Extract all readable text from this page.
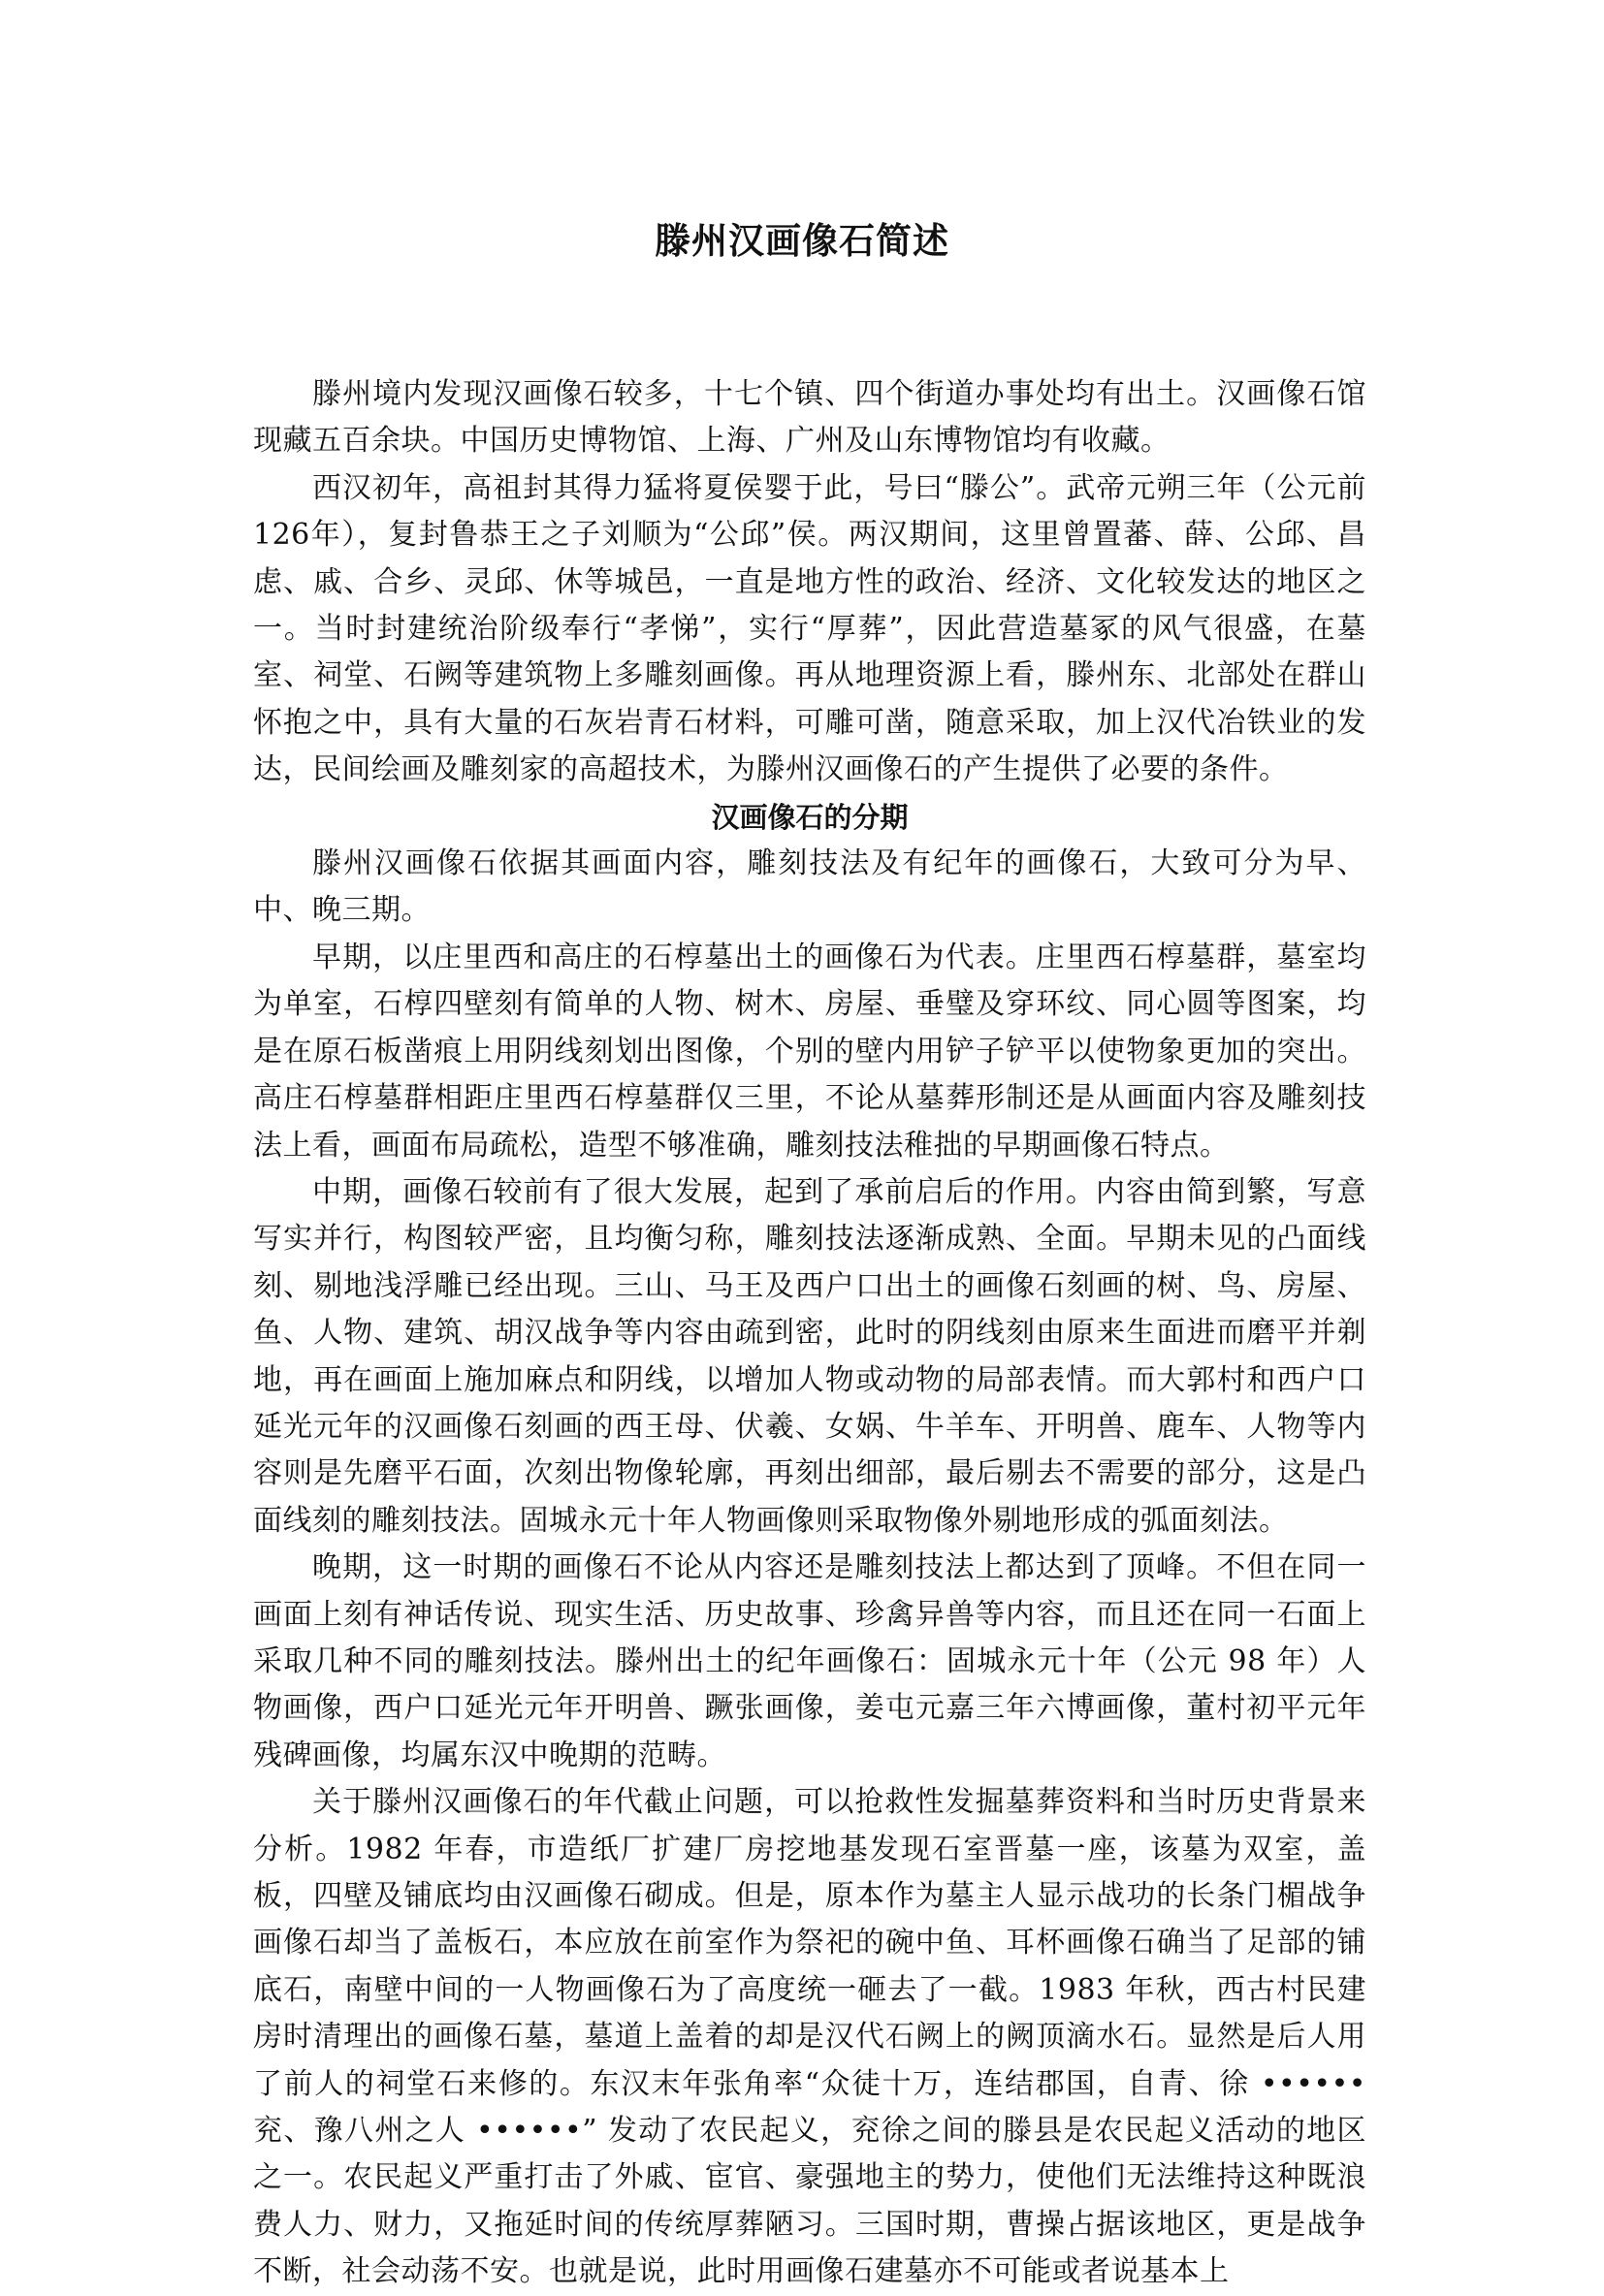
滕州汉画像石简述

滕州境内发现汉画像石较多，十七个镇、四个街道办事处均有出土。汉画像石馆现藏五百余块。中国历史博物馆、上海、广州及山东博物馆均有收藏。

西汉初年，高祖封其得力猛将夏侯婴于此，号曰“滕公”。武帝元朔三年（公元前 126年），复封鲁恭王之子刘顺为“公邱”侯。两汉期间，这里曾置蕃、薛、公邱、昌虑、戚、合乡、灵邱、休等城邑，一直是地方性的政治、经济、文化较发达的地区之一。当时封建统治阶级奉行“孝悌”，实行“厚葬”，因此营造墓冢的风气很盛，在墓室、祠堂、石阙等建筑物上多雕刻画像。再从地理资源上看，滕州东、北部处在群山怀抱之中，具有大量的石灰岩青石材料，可雕可凿，随意采取，加上汉代冶铁业的发达，民间绘画及雕刻家的高超技术，为滕州汉画像石的产生提供了必要的条件。

汉画像石的分期

滕州汉画像石依据其画面内容，雕刻技法及有纪年的画像石，大致可分为早、中、晚三期。

早期，以庄里西和高庄的石椁墓出土的画像石为代表。庄里西石椁墓群，墓室均为单室，石椁四壁刻有简单的人物、树木、房屋、垂璧及穿环纹、同心圆等图案，均是在原石板凿痕上用阴线刻划出图像，个别的壁内用铲子铲平以使物象更加的突出。高庄石椁墓群相距庄里西石椁墓群仅三里，不论从墓葬形制还是从画面内容及雕刻技法上看，画面布局疏松，造型不够准确，雕刻技法稚拙的早期画像石特点。

中期，画像石较前有了很大发展，起到了承前启后的作用。内容由简到繁，写意写实并行，构图较严密，且均衡匀称，雕刻技法逐渐成熟、全面。早期未见的凸面线刻、剔地浅浮雕已经出现。三山、马王及西户口出土的画像石刻画的树、鸟、房屋、鱼、人物、建筑、胡汉战争等内容由疏到密，此时的阴线刻由原来生面进而磨平并剃地，再在画面上施加麻点和阴线，以增加人物或动物的局部表情。而大郭村和西户口延光元年的汉画像石刻画的西王母、伏羲、女娲、牛羊车、开明兽、鹿车、人物等内容则是先磨平石面，次刻出物像轮廓，再刻出细部，最后剔去不需要的部分，这是凸面线刻的雕刻技法。固城永元十年人物画像则采取物像外剔地形成的弧面刻法。

晚期，这一时期的画像石不论从内容还是雕刻技法上都达到了顶峰。不但在同一画面上刻有神话传说、现实生活、历史故事、珍禽异兽等内容，而且还在同一石面上采取几种不同的雕刻技法。滕州出土的纪年画像石：固城永元十年（公元 98 年）人物画像，西户口延光元年开明兽、蹶张画像，姜屯元嘉三年六博画像，董村初平元年残碑画像，均属东汉中晚期的范畴。

关于滕州汉画像石的年代截止问题，可以抢救性发掘墓葬资料和当时历史背景来分析。1982 年春，市造纸厂扩建厂房挖地基发现石室晋墓一座，该墓为双室，盖板，四壁及铺底均由汉画像石砌成。但是，原本作为墓主人显示战功的长条门楣战争画像石却当了盖板石，本应放在前室作为祭祀的碗中鱼、耳杯画像石确当了足部的铺底石，南壁中间的一人物画像石为了高度统一砸去了一截。1983 年秋，西古村民建房时清理出的画像石墓，墓道上盖着的却是汉代石阙上的阙顶滴水石。显然是后人用了前人的祠堂石来修的。东汉末年张角率“众徒十万，连结郡国，自青、徐 •••••• 兖、豫八州之人 ••••••” 发动了农民起义，兖徐之间的滕县是农民起义活动的地区之一。农民起义严重打击了外戚、宦官、豪强地主的势力，使他们无法维持这种既浪费人力、财力，又拖延时间的传统厚葬陋习。三国时期，曹操占据该地区，更是战争不断，社会动荡不安。也就是说，此时用画像石建墓亦不可能或者说基本上
